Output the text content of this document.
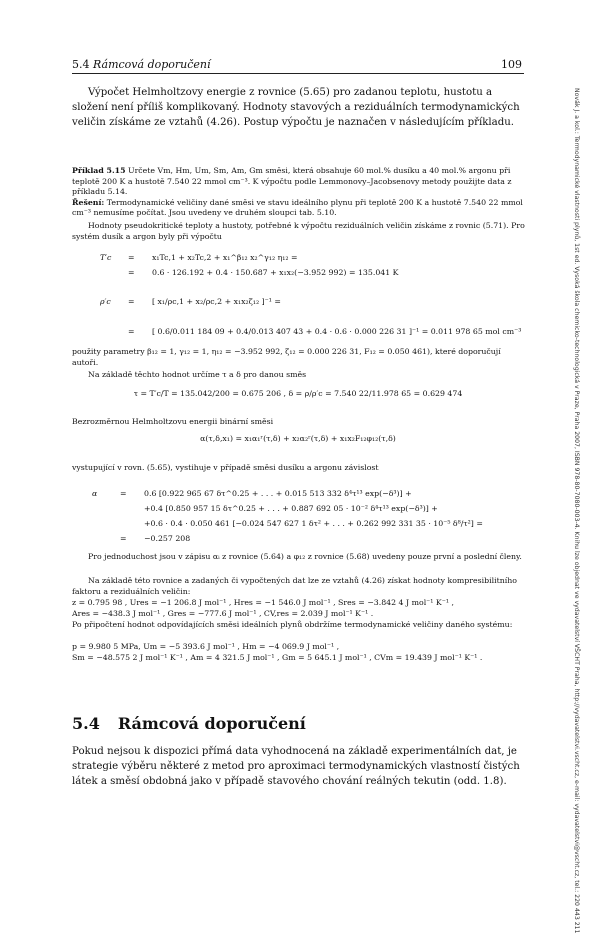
5.4 Rámcová doporučení	109
Novák J. a kol.: Termodynamické vlastnosti plynů, 1st ed. Vysoká škola chemicko-technologická v Praze, Praha 2007, ISBN 978-80-7080-003-4. Knihu lze objednat ve vydavatelství VŠCHT Praha, http://vydavatelstvi.vscht.cz, e-mail: vydavatelstvi@vscht.cz, tel.: 220 443 211

Výpočet Helmholtzovy energie z rovnice (5.65) pro zadanou teplotu, hustotu a složení není příliš komplikovaný. Hodnoty stavových a reziduálních termodynamických veličin získáme ze vztahů (4.26). Postup výpočtu je naznačen v následujícím příkladu.

Příklad 5.15 Určete Vm, Hm, Um, Sm, Am, Gm směsi, která obsahuje 60 mol.% dusíku a 40 mol.% argonu při teplotě 200 K a hustotě 7.540 22 mmol cm⁻³. K výpočtu podle Lemmonovy–Jacobsenovy metody použijte data z příkladu 5.14.
Řešení: Termodynamické veličiny dané směsi ve stavu ideálního plynu při teplotě 200 K a hustotě 7.540 22 mmol cm⁻³ nemusíme počítat. Jsou uvedeny ve druhém sloupci tab. 5.10.
Hodnoty pseudokritické teploty a hustoty, potřebné k výpočtu reziduálních veličin získáme z rovnic (5.71). Pro systém dusík a argon byly při výpočtu
T′c = x₁Tc,1 + x₂Tc,2 + x₁^β₁₂ x₂^γ₁₂ η₁₂ =
= 0.6 · 126.192 + 0.4 · 150.687 + x₁x₂(−3.952 992) = 135.041 K
ρ′c = [ x₁/ρc,1 + x₂/ρc,2 + x₁x₂ζ₁₂ ]⁻¹ =
= [ 0.6/0.011 184 09 + 0.4/0.013 407 43 + 0.4 · 0.6 · 0.000 226 31 ]⁻¹ = 0.011 978 65 mol cm⁻³
použity parametry β₁₂ = 1, γ₁₂ = 1, η₁₂ = −3.952 992, ζ₁₂ = 0.000 226 31, F₁₂ = 0.050 461), které doporučují autoři.
Na základě těchto hodnot určíme τ a δ pro danou směs
τ = T′c/T = 135.042/200 = 0.675 206 , δ = ρ/ρ′c = 7.540 22/11.978 65 = 0.629 474
Bezrozměrnou Helmholtzovu energii binární směsi
α(τ,δ,x₁) = x₁α₁ʳ(τ,δ) + x₂α₂ʳ(τ,δ) + x₁x₂F₁₂φ₁₂(τ,δ)
vystupující v rovn. (5.65), vystihuje v případě směsi dusíku a argonu závislost
α	= 0.6 [0.922 965 67 δτ^0.25 + . . . + 0.015 513 332 δ⁴τ¹³ exp(−δ³)] +
+0.4 [0.850 957 15 δτ^0.25 + . . . + 0.887 692 05 · 10⁻² δ⁴τ¹³ exp(−δ³)] +
+0.6 · 0.4 · 0.050 461 [−0.024 547 627 1 δτ² + . . . + 0.262 992 331 35 · 10⁻⁵ δ⁸/τ²] =
= −0.257 208
Pro jednoduchost jsou v zápisu αᵢ z rovnice (5.64) a φ₁₂ z rovnice (5.68) uvedeny pouze první a poslední členy.
Na základě této rovnice a zadaných či vypočtených dat lze ze vztahů (4.26) získat hodnoty kompresibilitního faktoru a reziduálních veličin:
z = 0.795 98 , Ures = −1 206.8 J mol⁻¹ , Hres = −1 546.0 J mol⁻¹ , Sres = −3.842 4 J mol⁻¹ K⁻¹ ,
Ares = −438.3 J mol⁻¹ , Gres = −777.6 J mol⁻¹ , CV,res = 2.039 J mol⁻¹ K⁻¹ .
Po připočtení hodnot odpovídajících směsi ideálních plynů obdržíme termodynamické veličiny daného systému:
p = 9.980 5 MPa, Um = −5 393.6 J mol⁻¹ , Hm = −4 069.9 J mol⁻¹ ,
Sm = −48.575 2 J mol⁻¹ K⁻¹ , Am = 4 321.5 J mol⁻¹ , Gm = 5 645.1 J mol⁻¹ , CVm = 19.439 J mol⁻¹ K⁻¹ .
5.4 Rámcová doporučení

Pokud nejsou k dispozici přímá data vyhodnocená na základě experimentálních dat, je strategie výběru některé z metod pro aproximaci termodynamických vlastností čistých látek a směsí obdobná jako v případě stavového chování reálných tekutin (odd. 1.8).
